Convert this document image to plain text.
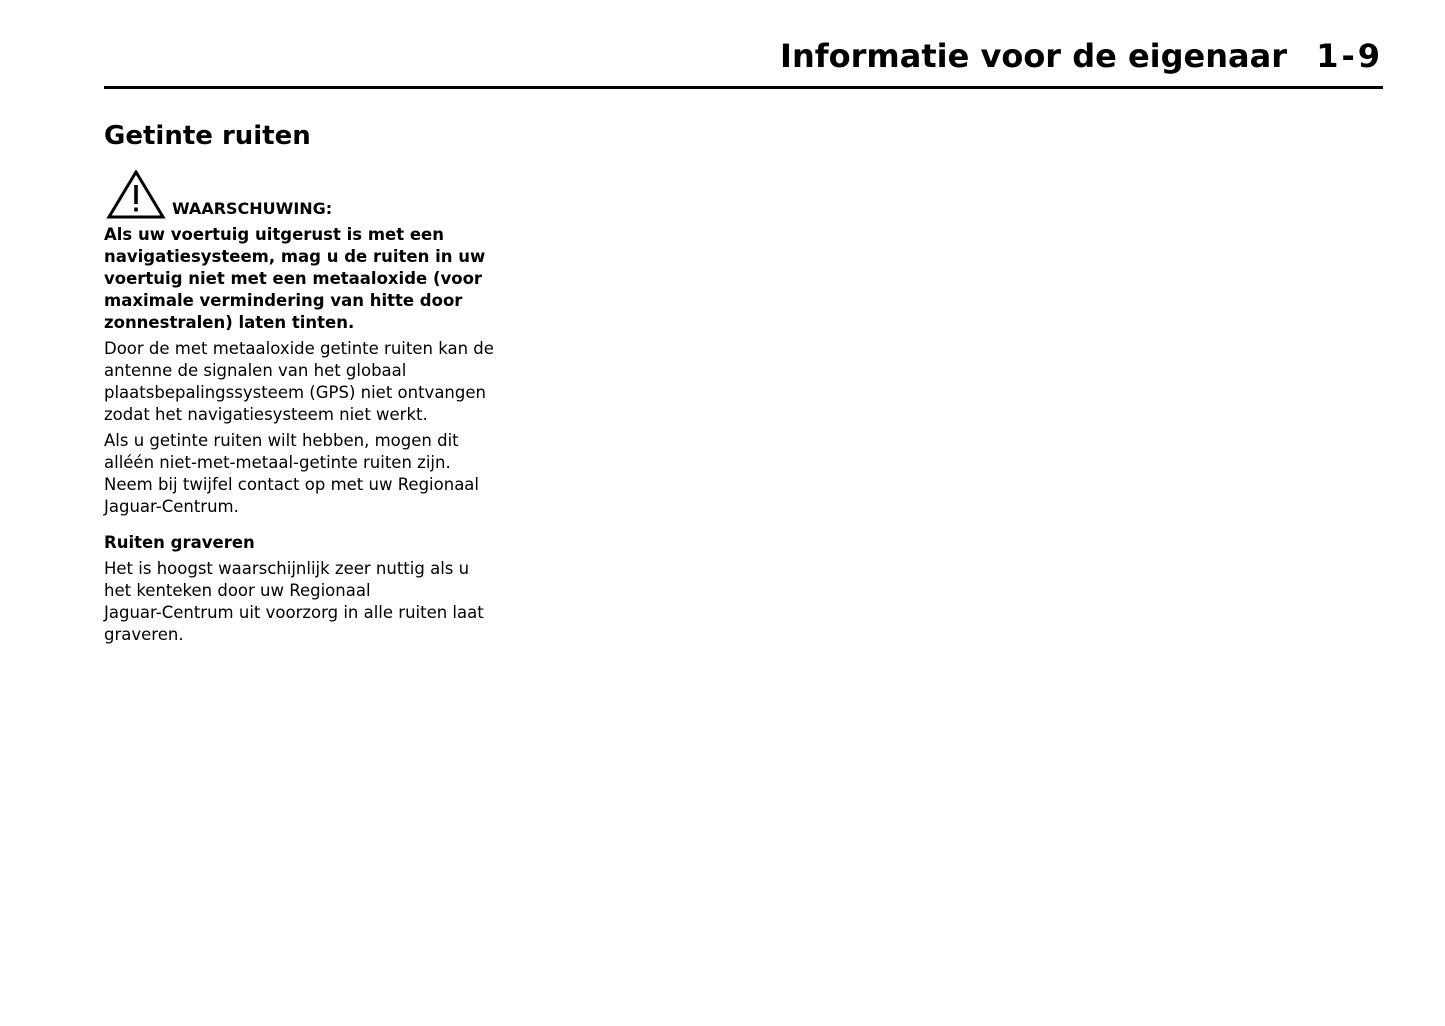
Informatie voor de eigenaar 1-9
Getinte ruiten
WAARSCHUWING:

Als uw voertuig uitgerust is met een
navigatiesysteem, mag u de ruiten in uw
voertuig niet met een metaaloxide (voor
maximale vermindering van hitte door
zonnestralen) laten tinten.

Door de met metaaloxide getinte ruiten kan de
antenne de signalen van het globaal
plaatsbepalingssysteem (GPS) niet ontvangen
zodat het navigatiesysteem niet werkt.

Als u getinte ruiten wilt hebben, mogen dit
alléén niet-met-metaal-getinte ruiten zijn.
Neem bij twijfel contact op met uw Regionaal
Jaguar-Centrum.

Ruiten graveren

Het is hoogst waarschijnlijk zeer nuttig als u
het kenteken door uw Regionaal
Jaguar-Centrum uit voorzorg in alle ruiten laat
graveren.
